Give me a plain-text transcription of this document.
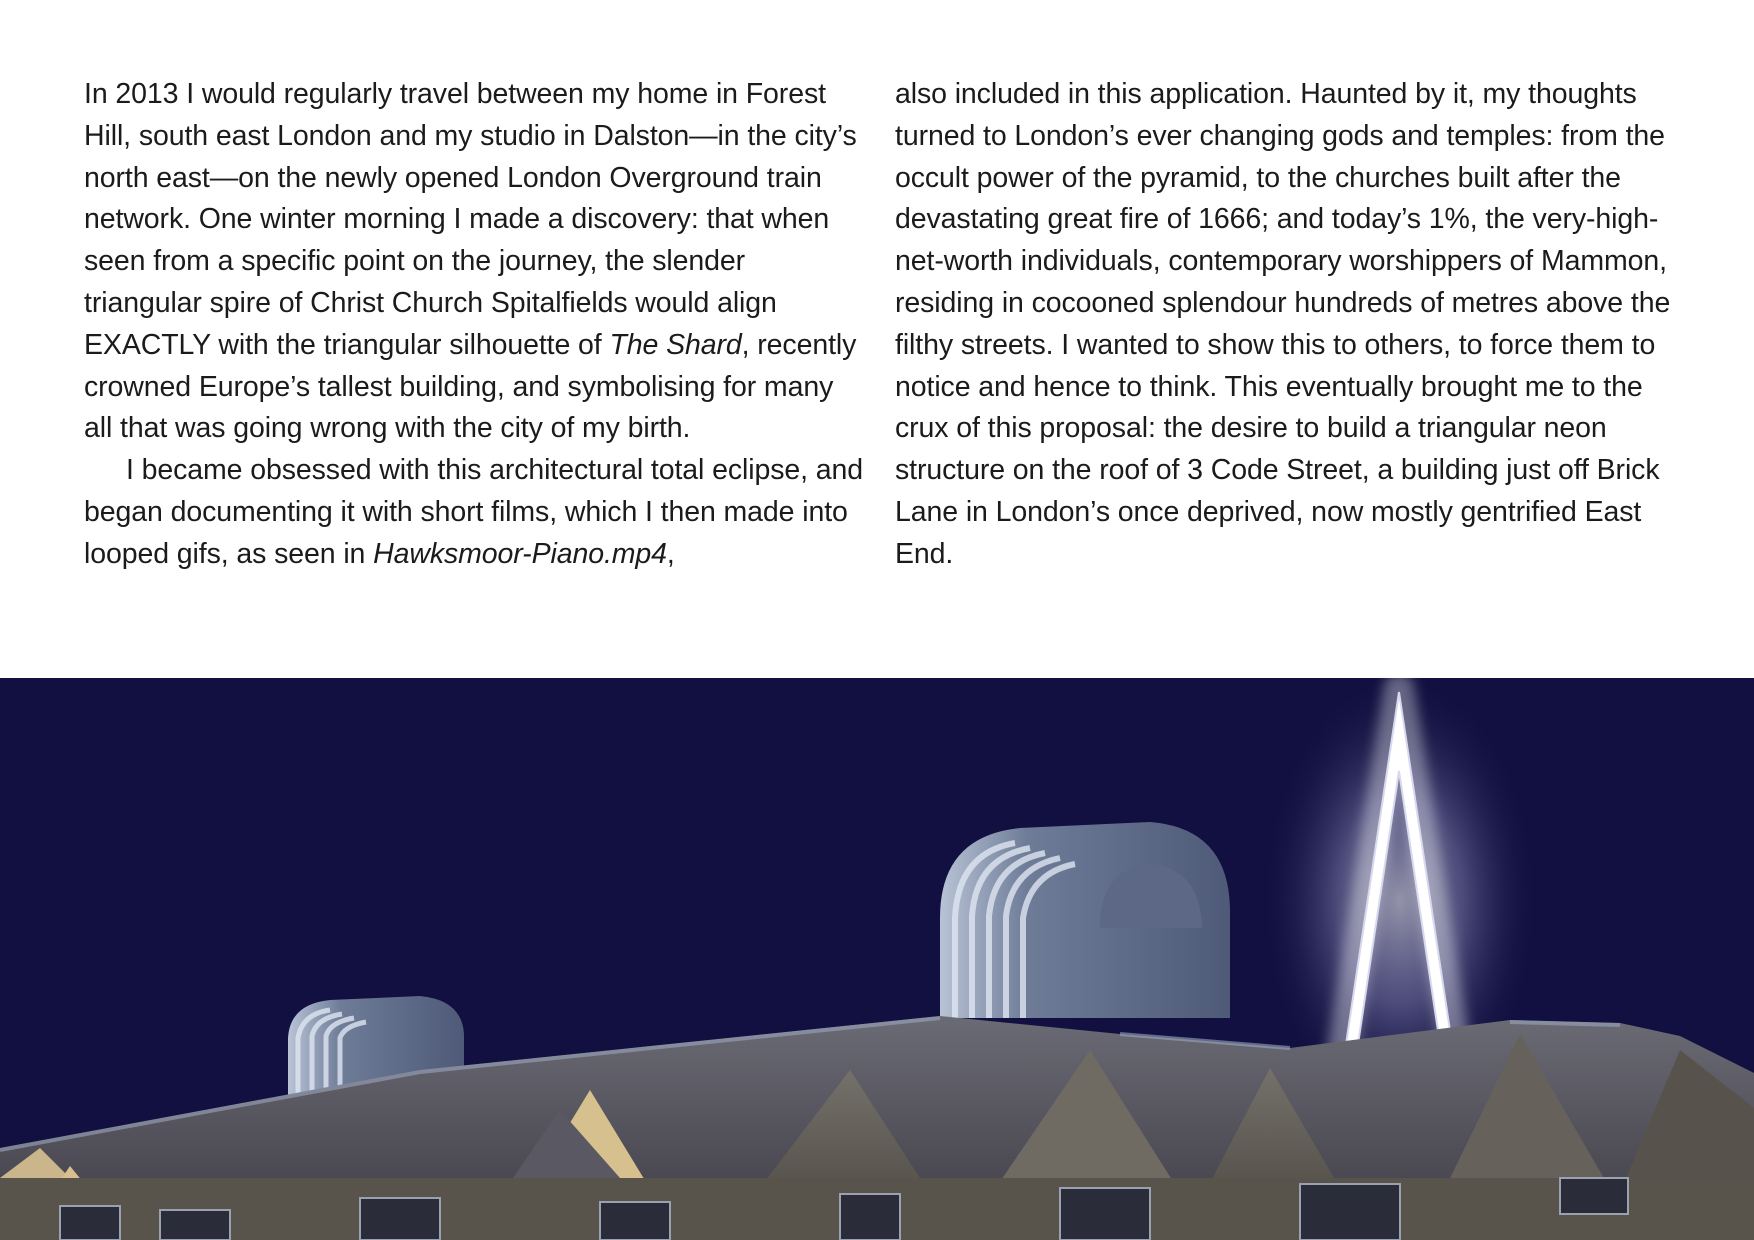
In 2013 I would regularly travel between my home in Forest Hill, south east London and my studio in Dalston—in the city’s north east—on the newly opened London Overground train network. One winter morning I made a discovery: that when seen from a specific point on the journey, the slender triangular spire of Christ Church Spitalfields would align EXACTLY with the triangular silhouette of The Shard, recently crowned Europe’s tallest building, and symbolising for many all that was going wrong with the city of my birth.

I became obsessed with this architectural total eclipse, and began documenting it with short films, which I then made into looped gifs, as seen in Hawksmoor-Piano.mp4,

also included in this application. Haunted by it, my thoughts turned to London’s ever changing gods and temples: from the occult power of the pyramid, to the churches built after the devastating great fire of 1666; and today’s 1%, the very-high-net-worth individuals, contemporary worshippers of Mammon, residing in cocooned splendour hundreds of metres above the filthy streets. I wanted to show this to others, to force them to notice and hence to think. This eventually brought me to the crux of this proposal: the desire to build a triangular neon structure on the roof of 3 Code Street, a building just off Brick Lane in London’s once deprived, now mostly gentrified East End.
